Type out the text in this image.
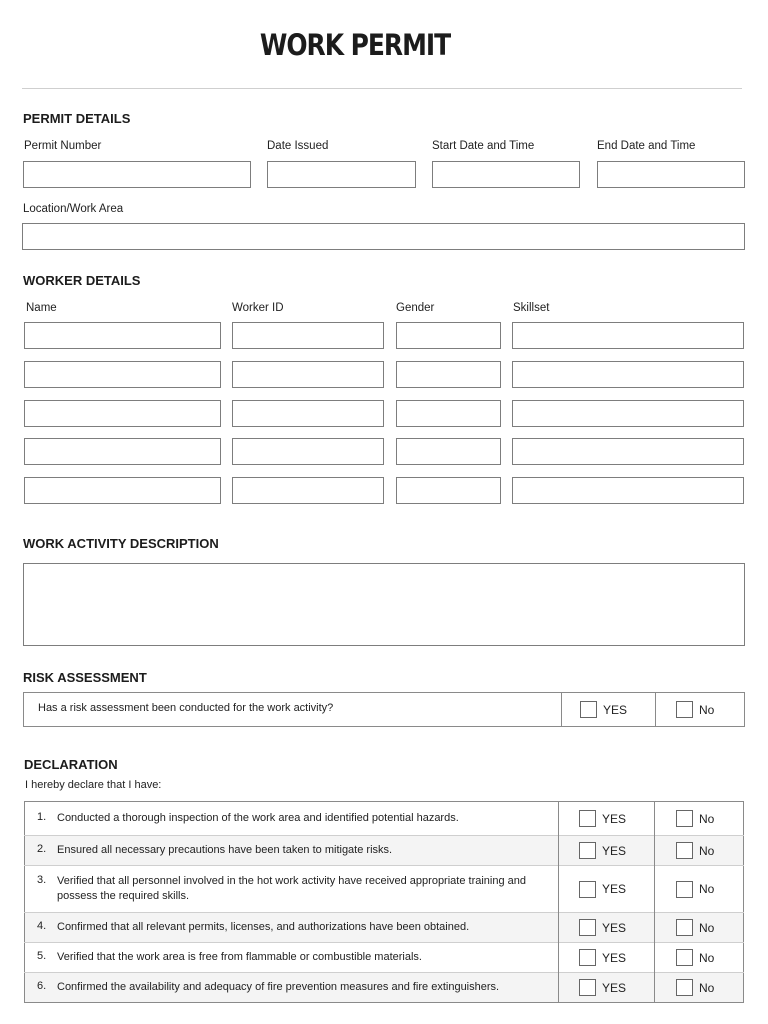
WORK PERMIT
PERMIT DETAILS
Permit Number	Date Issued	Start Date and Time	End Date and Time
Location/Work Area
WORKER DETAILS
Name	Worker ID	Gender	Skillset
WORK ACTIVITY DESCRIPTION
RISK ASSESSMENT
Has a risk assessment been conducted for the work activity?	YES	No
DECLARATION
I hereby declare that I have:
1. Conducted a thorough inspection of the work area and identified potential hazards.	YES	No

2. Ensured all necessary precautions have been taken to mitigate risks.	YES	No

3. Verified that all personnel involved in the hot work activity have received appropriate training and possess the required skills.	YES	No

4. Confirmed that all relevant permits, licenses, and authorizations have been obtained.	YES	No

5. Verified that the work area is free from flammable or combustible materials.	YES	No

6. Confirmed the availability and adequacy of fire prevention measures and fire extinguishers.	YES	No
